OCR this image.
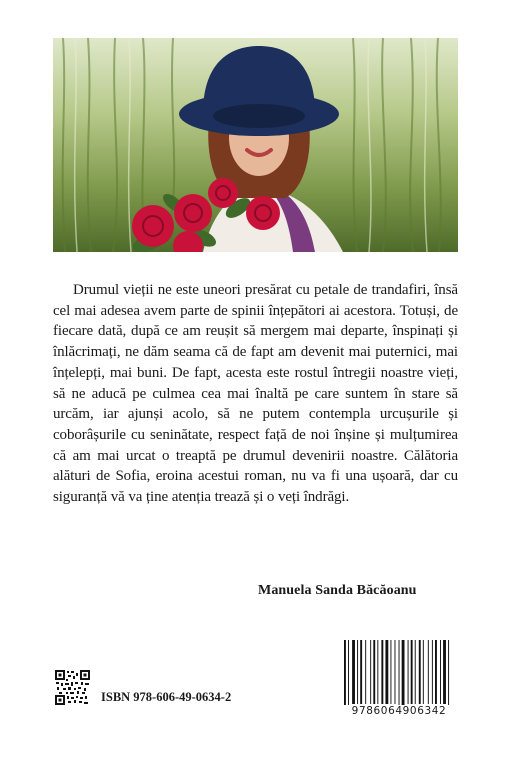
Drumul vieții ne este uneori presărat cu petale de trandafiri, însă cel mai adesea avem parte de spinii înțepători ai acestora. Totuși, de fiecare dată, după ce am reușit să mergem mai departe, înspinați și înlăcrimați, ne dăm seama că de fapt am devenit mai puternici, mai înțelepți, mai buni. De fapt, acesta este rostul întregii noastre vieți, să ne aducă pe culmea cea mai înaltă pe care suntem în stare să urcăm, iar ajunși acolo, să ne putem contempla urcușurile și coborâșurile cu seninătate, respect față de noi înșine și mulțumirea că am mai urcat o treaptă pe drumul devenirii noastre. Călătoria alături de Sofia, eroina acestui roman, nu va fi una ușoară, dar cu siguranță vă va ține atenția trează și o veți îndrăgi.

Manuela Sanda Băcăoanu
ISBN 978-606-49-0634-2
9786064906342
